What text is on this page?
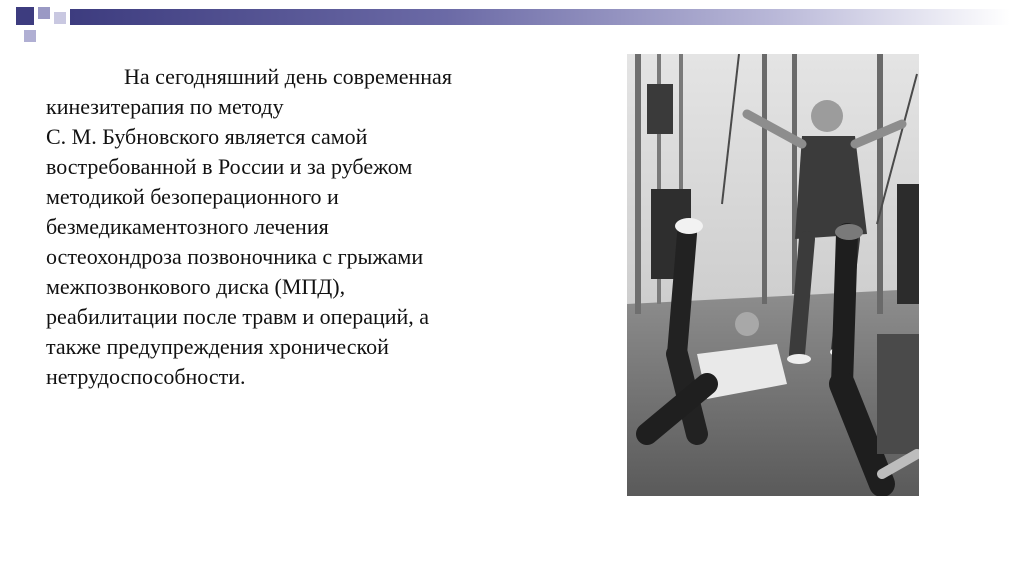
На сегодняшний день современная
кинезитерапия по методу
С. М. Бубновского является самой
востребованной в России и за рубежом
методикой безоперационного и
безмедикаментозного лечения
остеохондроза позвоночника с грыжами
межпозвонкового диска (МПД),
реабилитации после травм и операций, а
также предупреждения хронической
нетрудоспособности.
